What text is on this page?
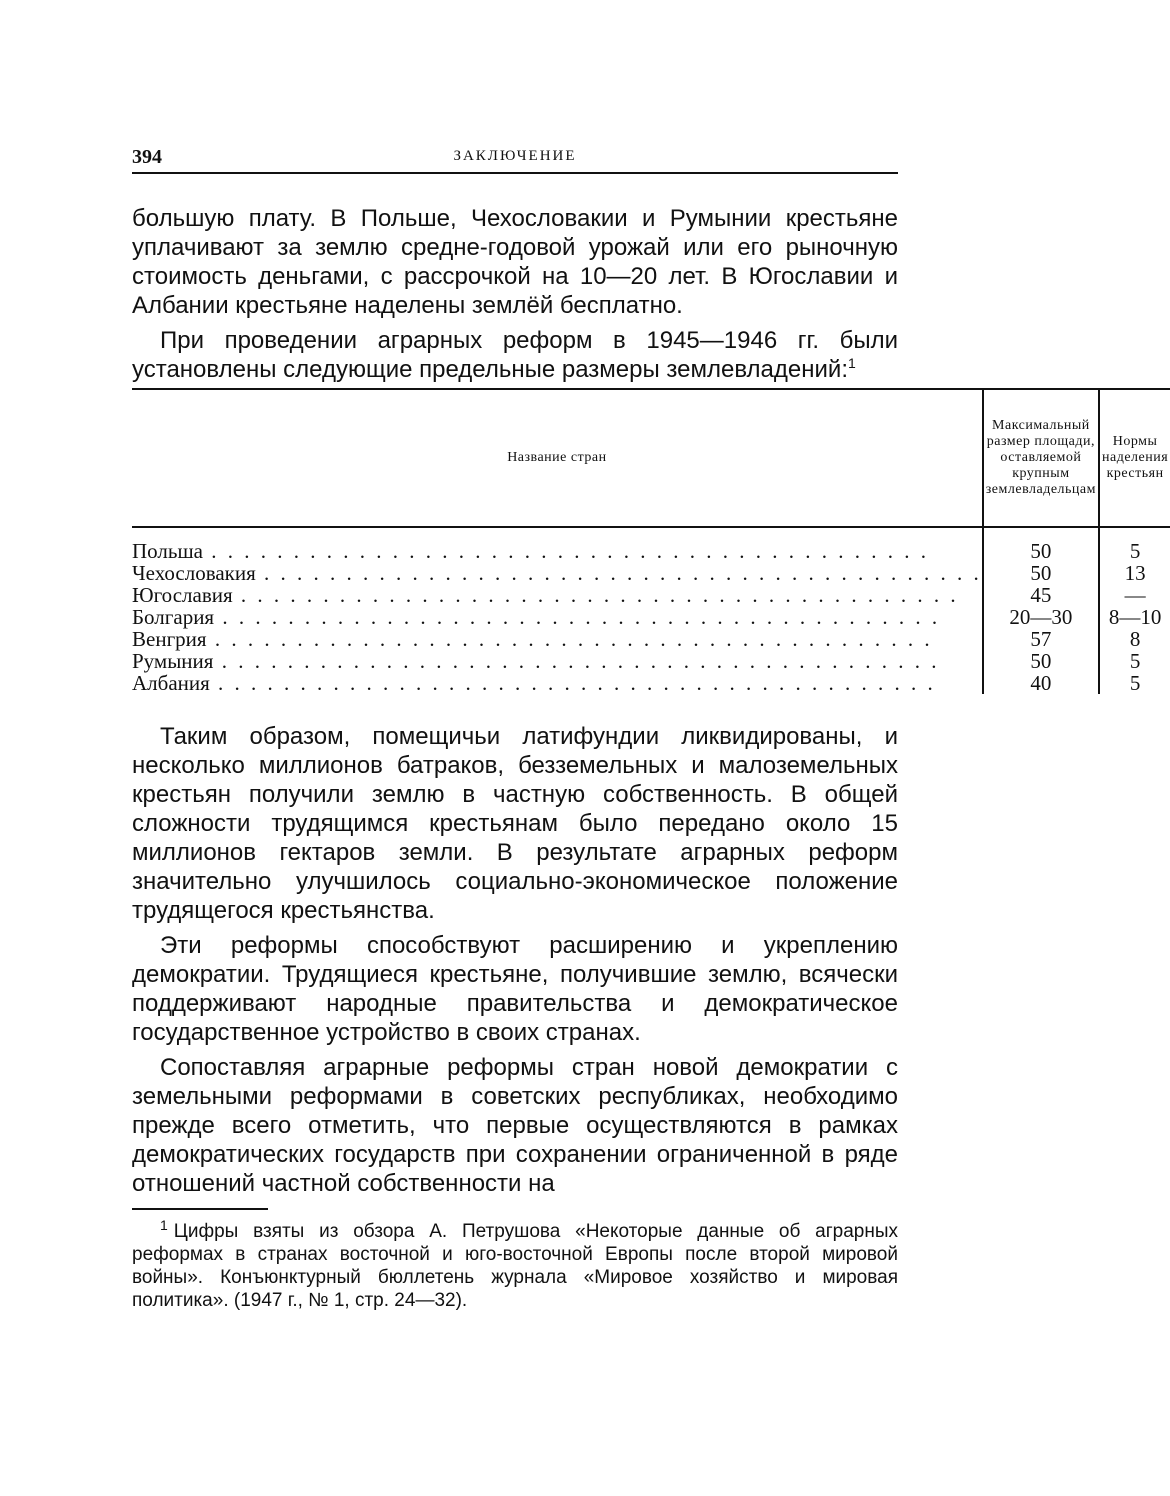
394	ЗАКЛЮЧЕНИЕ

большую плату. В Польше, Чехословакии и Румынии крестьяне уплачивают за землю средне-годовой урожай или его рыночную стоимость деньгами, с рассрочкой на 10—20 лет. В Югославии и Албании крестьяне наделены землёй бесплатно.

При проведении аграрных реформ в 1945—1946 гг. были установлены следующие предельные размеры землевладений:$^1$

Название стран	Максимальный размер площади, оставляемой крупным землевладельцам	Нормы наделения крестьян
Польша . . .	50	5
Чехословакия . . .	50	13
Югославия . . .	45	—
Болгария . . .	20—30	8—10
Венгрия . . .	57	8
Румыния . . .	50	5
Албания . . .	40	5

Таким образом, помещичьи латифундии ликвидированы, и несколько миллионов батраков, безземельных и малоземельных крестьян получили землю в частную собственность. В общей сложности трудящимся крестьянам было передано около 15 миллионов гектаров земли. В результате аграрных реформ значительно улучшилось социально-экономическое положение трудящегося крестьянства.

Эти реформы способствуют расширению и укреплению демократии. Трудящиеся крестьяне, получившие землю, всячески поддерживают народные правительства и демократическое государственное устройство в своих странах.

Сопоставляя аграрные реформы стран новой демократии с земельными реформами в советских республиках, необходимо прежде всего отметить, что первые осуществляются в рамках демократических государств при сохранении ограниченной в ряде отношений частной собственности на

$^1$ Цифры взяты из обзора А. Петрушова «Некоторые данные об аграрных реформах в странах восточной и юго-восточной Европы после второй мировой войны». Конъюнктурный бюллетень журнала «Мировое хозяйство и мировая политика». (1947 г., № 1, стр. 24—32).
